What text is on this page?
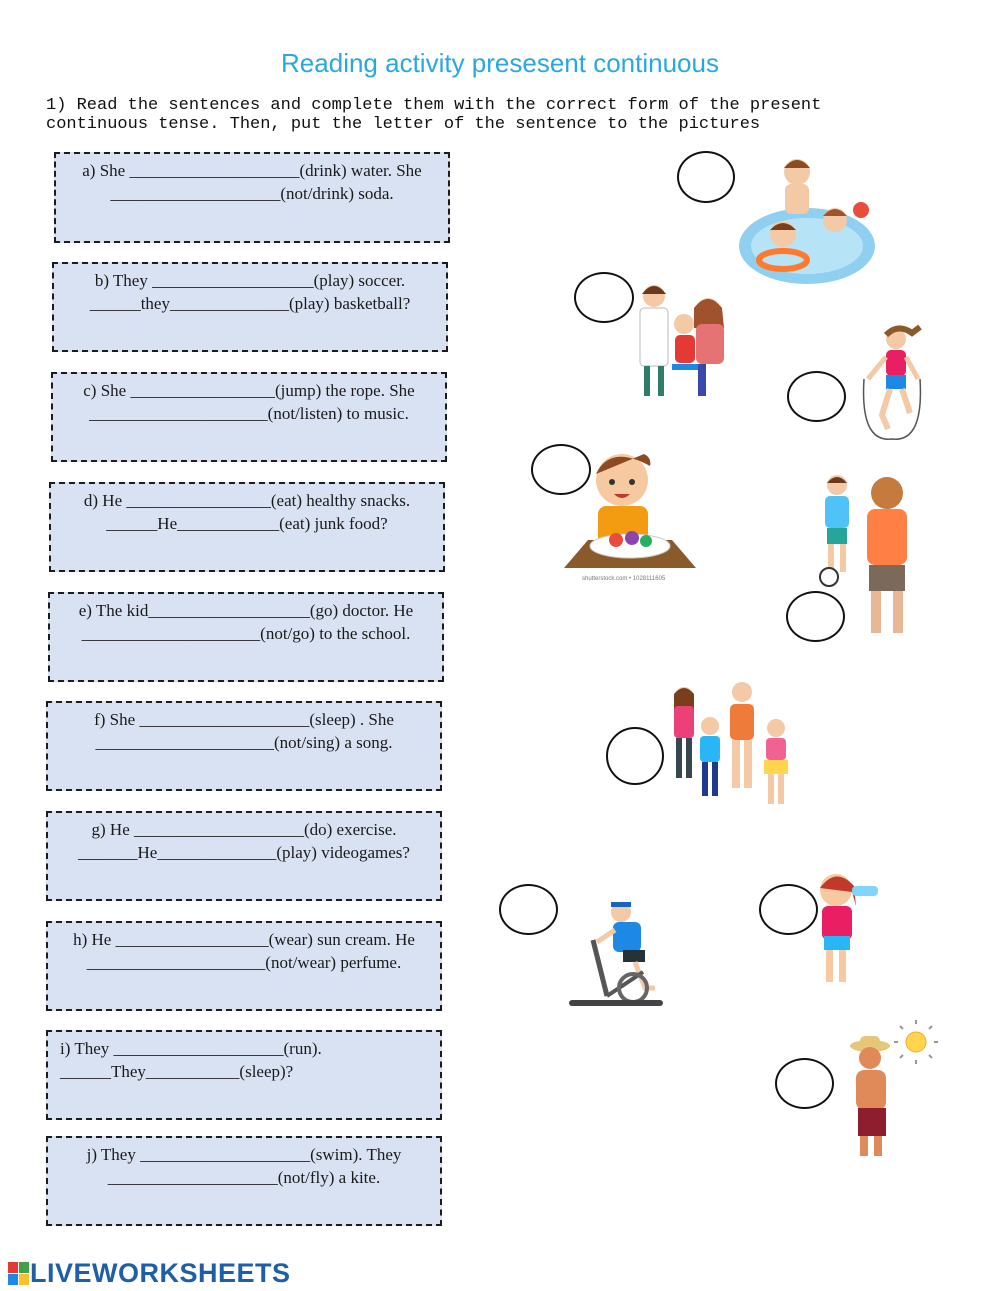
Reading activity presesent continuous
1) Read the sentences and complete them with the correct form of the present
continuous tense. Then, put the letter of the sentence to the pictures
a) She ____________________(drink) water. She
____________________(not/drink) soda.
b) They ___________________(play) soccer.
______they______________(play) basketball?
c) She _________________(jump) the rope. She
_____________________(not/listen) to music.
d) He _________________(eat) healthy snacks.
______He____________(eat) junk food?
e) The kid___________________(go) doctor. He
_____________________(not/go) to the school.
f) She ____________________(sleep) . She
_____________________(not/sing) a song.
g) He ____________________(do) exercise.
_______He______________(play) videogames?
h) He __________________(wear) sun cream. He
_____________________(not/wear) perfume.
i) They ____________________(run).
______They___________(sleep)?
j) They ____________________(swim). They
____________________(not/fly) a kite.
shutterstock.com • 1028111605
LIVEWORKSHEETS
